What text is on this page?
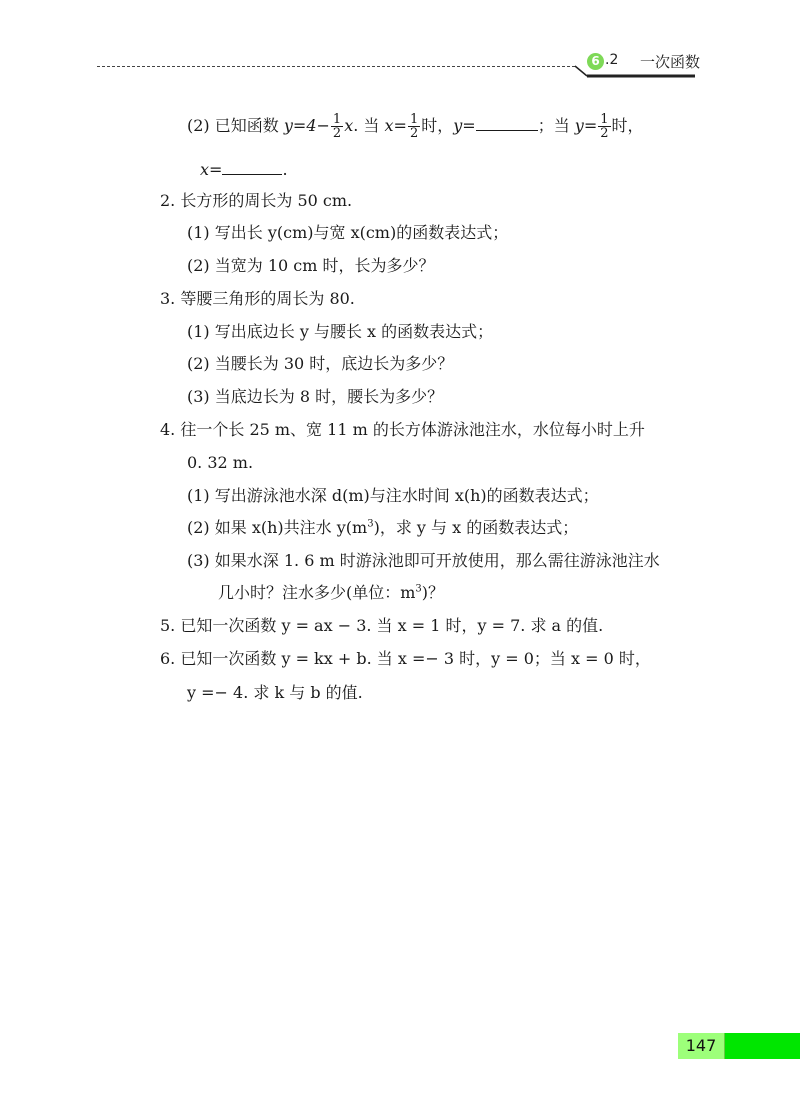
6 .2 一次函数
(2) 已知函数 $y=4- \frac{1}{2} x$. 当 $x= \frac{1}{2}$ 时，y=	；当 $y= \frac{1}{2}$ 时，
x=	.
2. 长方形的周长为 50 cm.
(1) 写出长 y(cm)与宽 x(cm)的函数表达式；
(2) 当宽为 10 cm 时，长为多少？
3. 等腰三角形的周长为 80.
(1) 写出底边长 y 与腰长 x 的函数表达式；
(2) 当腰长为 30 时，底边长为多少？
(3) 当底边长为 8 时，腰长为多少？
4. 往一个长 25 m、宽 11 m 的长方体游泳池注水，水位每小时上升
0. 32 m.
(1) 写出游泳池水深 d(m)与注水时间 x(h)的函数表达式；
(2) 如果 x(h)共注水 $y(m^3)$，求 y 与 x 的函数表达式；
(3) 如果水深 1. 6 m 时游泳池即可开放使用，那么需往游泳池注水
几小时？注水多少(单位：$m^3$)？
5. 已知一次函数 y = ax − 3. 当 x = 1 时，y = 7. 求 a 的值.
6. 已知一次函数 y = kx + b. 当 x =− 3 时，y = 0；当 x = 0 时，
y =− 4. 求 k 与 b 的值.
147
